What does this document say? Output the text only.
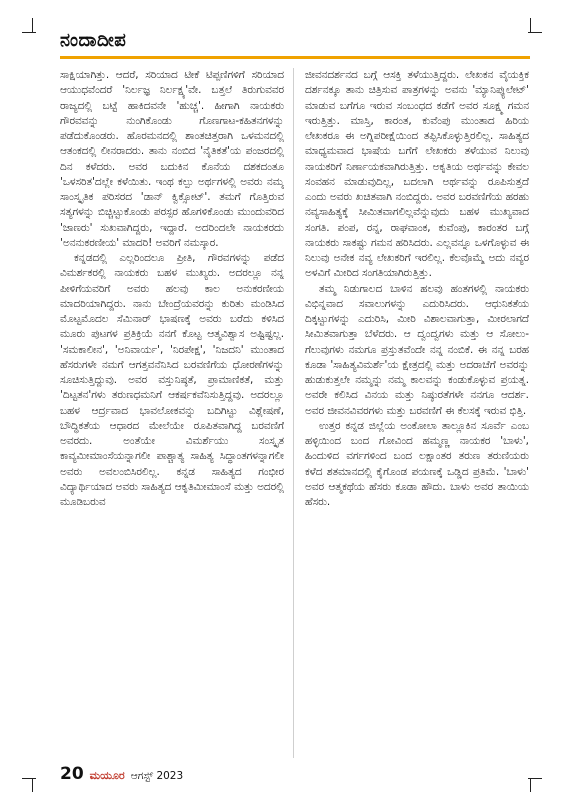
ನಂದಾದೀಪ

ಸಾಕ್ಷಿಯಾಗಿತ್ತು. ಆದರೆ, ಸರಿಯಾದ ಟೀಕೆ ಟಿಪ್ಪಣಿಗಳಿಗೆ ಸರಿಯಾದ ಆಯುಧವೆಂದರೆ 'ನಿರ್ಲಜ್ಞ ನಿರ್ಲಕ್ಷ್ಯ'ವೇ. ಬತ್ತಲೆ ತಿರುಗುವವರ ರಾಜ್ಯದಲ್ಲಿ ಬಟ್ಟೆ ಹಾಕಿದವನೇ 'ಹುಚ್ಚ'. ಹೀಗಾಗಿ ನಾಯಕರು ಗೌರವವನ್ನು ನುಂಗಿಕೊಂಡು ಗೊಣಗಾಟ-ಕಹಿತನಗಳನ್ನು ಪಡೆದುಕೊಂಡರು. ಹೊರಮನದಲ್ಲಿ ಶಾಂತಚಿತ್ತರಾಗಿ ಒಳಮನದಲ್ಲಿ ಆತಂಕದಲ್ಲಿ ಲೀನರಾದರು. ತಾನು ನಂಬಿದ 'ನೈತಿಕತೆ'ಯ ಪಂಜರದಲ್ಲಿ ದಿನ ಕಳೆದರು. ಅವರ ಬದುಕಿನ ಕೊನೆಯ ದಶಕದಂತೂ 'ಒಳಸರಿತ'ದಲ್ಲೇ ಕಳೆಯಿತು. ಇಂಥ ಕಲ್ಪು ಅರ್ಥಗಳಲ್ಲಿ ಅವರು ನಮ್ಮ ಸಾಂಸ್ಕೃತಿಕ ಪರಿಸರದ 'ಡಾನ್ ಕ್ವಿಕ್ಸೋಟ್'. ತಮಗೆ ಗೊತ್ತಿರುವ ಸತ್ಯಗಳನ್ನು ಬಿಚ್ಚಿಟ್ಟುಕೊಂಡು ಪರಸ್ಪರ ಹೊಗಳಿಕೊಂಡು ಮುಂದುವರಿದ 'ಜಾಣರು' ಸುಖವಾಗಿದ್ದರು, ಇದ್ದಾರೆ. ಅದರಿಂದಲೇ ನಾಯಕರದು 'ಅನನುಕರಣೀಯ' ಮಾದರಿ! ಅವರಿಗೆ ನಮಸ್ಕಾರ.

ಕನ್ನಡದಲ್ಲಿ ಎಲ್ಲರಿಂದಲೂ ಪ್ರೀತಿ, ಗೌರವಗಳನ್ನು ಪಡೆದ ವಿಮರ್ಶಕರಲ್ಲಿ ನಾಯಕರು ಬಹಳ ಮುಖ್ಯರು. ಅದರಲ್ಲೂ ನನ್ನ ಪೀಳಿಗೆಯವರಿಗೆ ಅವರು ಹಲವು ಕಾಲ ಅನುಕರಣೀಯ ಮಾದರಿಯಾಗಿದ್ದರು. ನಾನು ಬೇಂದ್ರೆಯವರನ್ನು ಕುರಿತು ಮಂಡಿಸಿದ ಮೊಟ್ಟಮೊದಲ ಸೆಮಿನಾರ್ ಭಾಷಣಕ್ಕೆ ಅವರು ಬರೆದು ಕಳಿಸಿದ ಮೂರು ಪುಟಗಳ ಪ್ರತಿಕ್ರಿಯೆ ನನಗೆ ಕೊಟ್ಟ ಆತ್ಮವಿಶ್ವಾಸ ಅಷ್ಟಿಷ್ಟಲ್ಲ. 'ಸಮಕಾಲೀನ', 'ಅನಿವಾರ್ಯ', 'ನಿರಪೇಕ್ಷ', 'ನಿಜದನಿ' ಮುಂತಾದ ಹೆಸರುಗಳೇ ನಮಗೆ ಆಗತ್ತವನೆನಿಸಿದ ಬರವಣಿಗೆಯ ಧೋರಣೆಗಳನ್ನು ಸೂಚಿಸುತ್ತಿದ್ದುವು. ಅವರ ವಸ್ತುನಿಷ್ಠತೆ, ಪ್ರಾಮಾಣಿಕತೆ, ಮತ್ತು 'ದಿಟ್ಟತನ'ಗಳು ತರುಣಧಮನಿಗೆ ಆಕರ್ಷಕವೆನಿಸುತ್ತಿದ್ದವು. ಅದರಲ್ಲೂ ಬಹಳ ಆರ್ದ್ರವಾದ ಭಾವಲೋಕವನ್ನು ಬದಿಗಿಟ್ಟು ವಿಶ್ಲೇಷಣೆ, ಬೌದ್ಧಿಕತೆಯ ಆಧಾರದ ಮೇಲೆಯೇ ರೂಪಿತವಾಗಿದ್ದ ಬರವಣಿಗೆ ಅವರದು. ಅಂತೆಯೇ ವಿಮರ್ಶೆಯು ಸಂಸ್ಕೃತ ಕಾವ್ಯಮೀಮಾಂಸೆಯನ್ನಾಗಲೀ ಪಾಶ್ಚಾತ್ಯ ಸಾಹಿತ್ಯ ಸಿದ್ಧಾಂತಗಳನ್ನಾಗಲೀ ಅವರು ಅವಲಂಬಿಸಿರಲಿಲ್ಲ. ಕನ್ನಡ ಸಾಹಿತ್ಯದ ಗಂಭೀರ ವಿದ್ಯಾರ್ಥಿಯಾದ ಅವರು ಸಾಹಿತ್ಯದ ಆಕೃತಿಮೀಮಾಂಸೆ ಮತ್ತು ಅದರಲ್ಲಿ ಮೂಡಿಬರುವ

ಜೀವನದರ್ಶನದ ಬಗ್ಗೆ ಆಸಕ್ತಿ ತಳೆಯುತ್ತಿದ್ದರು. ಲೇಖಕನ ವೈಯಕ್ತಿಕ ದರ್ಶನಕ್ಕೂ ತಾನು ಚಿತ್ರಿಸುವ ಪಾತ್ರಗಳನ್ನು ಅವನು 'ಮ್ಯಾನಿಪ್ಯುಲೇಟ್' ಮಾಡುವ ಬಗೆಗೂ ಇರುವ ಸಂಬಂಧದ ಕಡೆಗೆ ಅವರ ಸೂಕ್ಷ್ಮ ಗಮನ ಇರುತ್ತಿತ್ತು. ಮಾಸ್ತಿ, ಕಾರಂತ, ಕುವೆಂಪು ಮುಂತಾದ ಹಿರಿಯ ಲೇಖಕರೂ ಈ ಅಗ್ನಿಪರೀಕ್ಷೆಯಿಂದ ತಪ್ಪಿಸಿಕೊಳ್ಳುತ್ತಿರಲಿಲ್ಲ. ಸಾಹಿತ್ಯದ ಮಾಧ್ಯಮವಾದ ಭಾಷೆಯ ಬಗೆಗೆ ಲೇಖಕರು ತಳೆಯುವ ನಿಲುವು ನಾಯಕರಿಗೆ ನಿರ್ಣಾಯಕವಾಗಿರುತ್ತಿತ್ತು. ಅಕೃತಿಯ ಅರ್ಥವನ್ನು ಕೇವಲ ಸಂವಹನ ಮಾಡುವುದಿಲ್ಲ, ಬದಲಾಗಿ ಅರ್ಥವನ್ನು ರೂಪಿಸುತ್ತದೆ ಎಂದು ಅವರು ಖಚಿತವಾಗಿ ನಂಬಿದ್ದರು. ಅವರ ಬರವಣಿಗೆಯ ಹರಹು ನವ್ಯಸಾಹಿತ್ಯಕ್ಕೆ ಸೀಮಿತವಾಗಲಿಲ್ಲವೆನ್ನುವುದು ಬಹಳ ಮುಖ್ಯವಾದ ಸಂಗತಿ. ಪಂಪ, ರನ್ನ, ರಾಘವಾಂಕ, ಕುವೆಂಪು, ಕಾರಂತರ ಬಗ್ಗೆ ನಾಯಕರು ಸಾಕಷ್ಟು ಗಮನ ಹರಿಸಿದರು. ಎಲ್ಲವನ್ನೂ ಒಳಗೊಳ್ಳುವ ಈ ನಿಲುವು ಅನೇಕ ನವ್ಯ ಲೇಖಕರಿಗೆ ಇರಲಿಲ್ಲ. ಕೆಲವೊಮ್ಮೆ ಅದು ನವ್ಯರ ಅಳವಿಗೆ ಮೀರಿದ ಸಂಗತಿಯಾಗಿರುತ್ತಿತ್ತು.

ತಮ್ಮ ನಿಡುಗಾಲದ ಬಾಳಿನ ಹಲವು ಹಂತಗಳಲ್ಲಿ ನಾಯಕರು ವಿಭಿನ್ನವಾದ ಸವಾಲುಗಳನ್ನು ಎದುರಿಸಿದರು. ಆಧುನಿಕತೆಯ ದಿಕ್ಕಟ್ಟುಗಳನ್ನು ಎದುರಿಸಿ, ಮೀರಿ ವಿಶಾಲವಾಗುತ್ತಾ, ಮೀರಲಾಗದೆ ಸೀಮಿತವಾಗುತ್ತಾ ಬೆಳೆದರು. ಆ ದ್ವಂದ್ವಗಳು ಮತ್ತು ಆ ಸೋಲು-ಗೆಲುವುಗಳು ನಮಗೂ ಪ್ರಸ್ತುತವೆಂದೇ ನನ್ನ ನಂಬಿಕೆ. ಈ ನನ್ನ ಬರಹ ಕೂಡಾ 'ಸಾಹಿತ್ಯವಿಮರ್ಶೆ'ಯ ಕ್ಷೇತ್ರದಲ್ಲಿ ಮತ್ತು ಅದರಾಚೆಗೆ ಅವರನ್ನು ಹುಡುಕುತ್ತಲೇ ನಮ್ಮನ್ನು ನಮ್ಮ ಕಾಲವನ್ನು ಕಂಡುಕೊಳ್ಳುವ ಪ್ರಯತ್ನ. ಅವರೇ ಕಲಿಸಿದ ವಿನಯ ಮತ್ತು ನಿಷ್ಠುರತೆಗಳೇ ನನಗೂ ಆದರ್ಶ. ಅವರ ಜೀವನವಿವರಗಳು ಮತ್ತು ಬರವಣಿಗೆ ಈ ಕೆಲಸಕ್ಕೆ ಇರುವ ಭಿತ್ತಿ.

ಉತ್ತರ ಕನ್ನಡ ಜಿಲ್ಲೆಯ ಅಂಕೋಲಾ ತಾಲ್ಲೂಕಿನ ಸೂರ್ವೆ ಎಂಬ ಹಳ್ಳಿಯಿಂದ ಬಂದ ಗೋವಿಂದ ಹಮ್ಮಣ್ಣ ನಾಯಕರ 'ಬಾಳು', ಹಿಂದುಳಿದ ವರ್ಗಗಳಿಂದ ಬಂದ ಲಕ್ಷಾಂತರ ತರುಣ ತರುಣಿಯರು ಕಳೆದ ಶತಮಾನದಲ್ಲಿ ಕೈಗೊಂಡ ಪಯಣಕ್ಕೆ ಒಡ್ಡಿದ ಪ್ರತಿಮೆ. 'ಬಾಳು' ಅವರ ಆತ್ಮಕಥೆಯ ಹೆಸರು ಕೂಡಾ ಹೌದು. ಬಾಳು ಅವರ ತಾಯಿಯ ಹೆಸರು.

20 ಮಯೂರ ಆಗಸ್ಟ್ 2023
